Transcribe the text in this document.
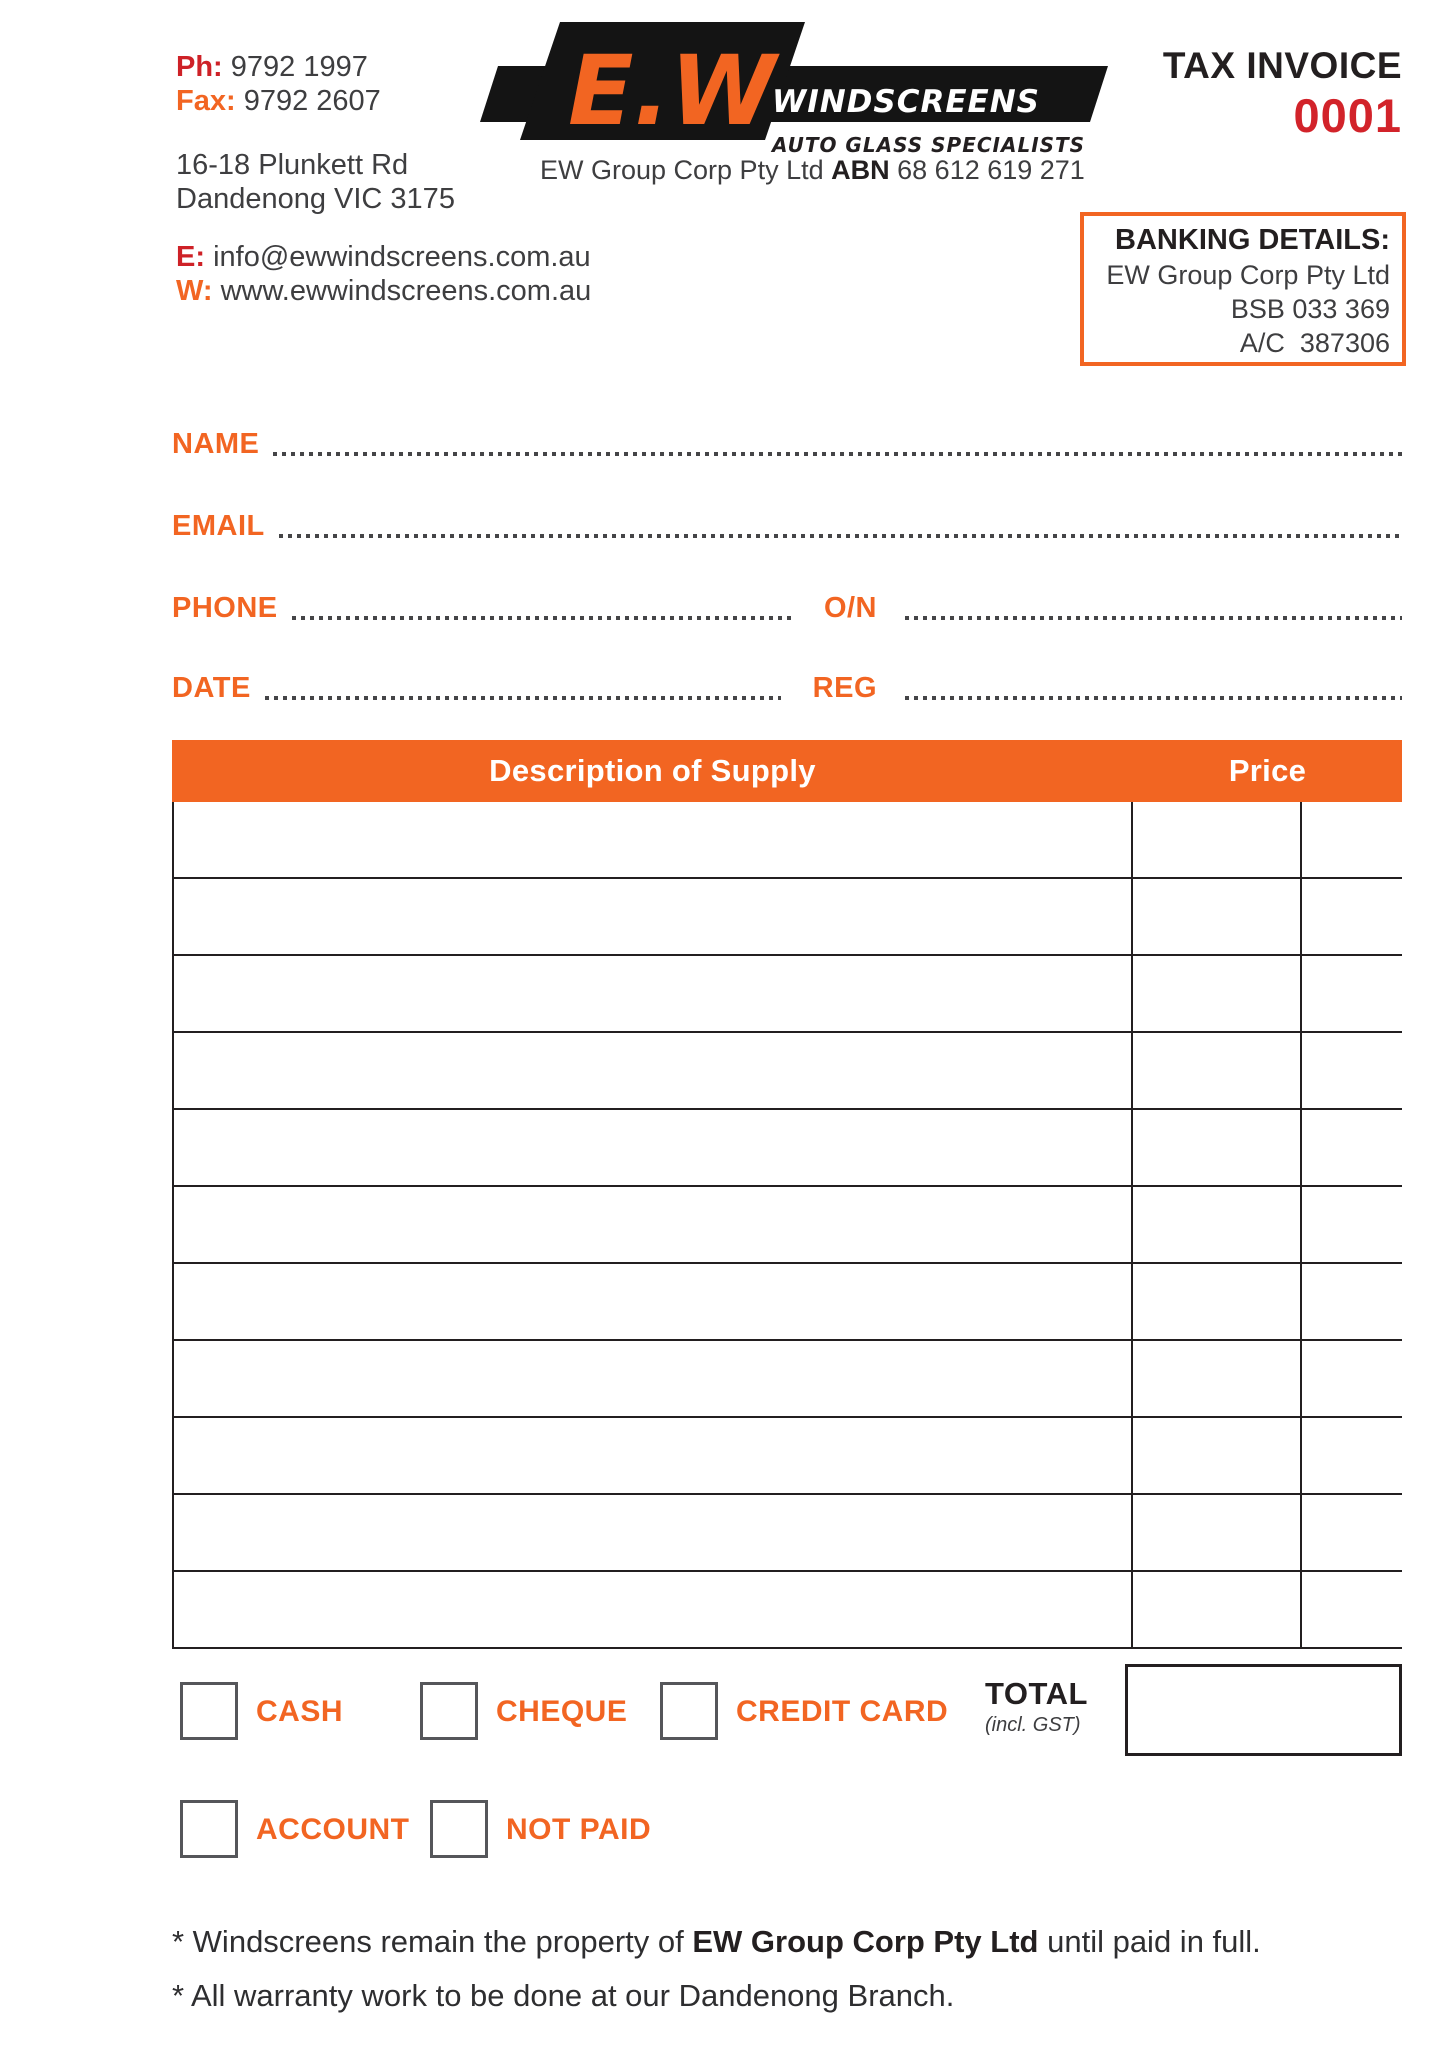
Ph: 9792 1997
Fax: 9792 2607
16-18 Plunkett Rd
Dandenong VIC 3175
E: info@ewwindscreens.com.au
W: www.ewwindscreens.com.au
E.W
WINDSCREENS
AUTO GLASS SPECIALISTS
EW Group Corp Pty Ltd ABN 68 612 619 271
TAX INVOICE
0001
BANKING DETAILS:
EW Group Corp Pty Ltd
BSB 033 369
A/C  387306
NAME
EMAIL
PHONE	O/N
DATE	REG
Description of Supply	Price
CASH	CHEQUE	CREDIT CARD
TOTAL
(incl. GST)
ACCOUNT	NOT PAID
* Windscreens remain the property of EW Group Corp Pty Ltd until paid in full.
* All warranty work to be done at our Dandenong Branch.
